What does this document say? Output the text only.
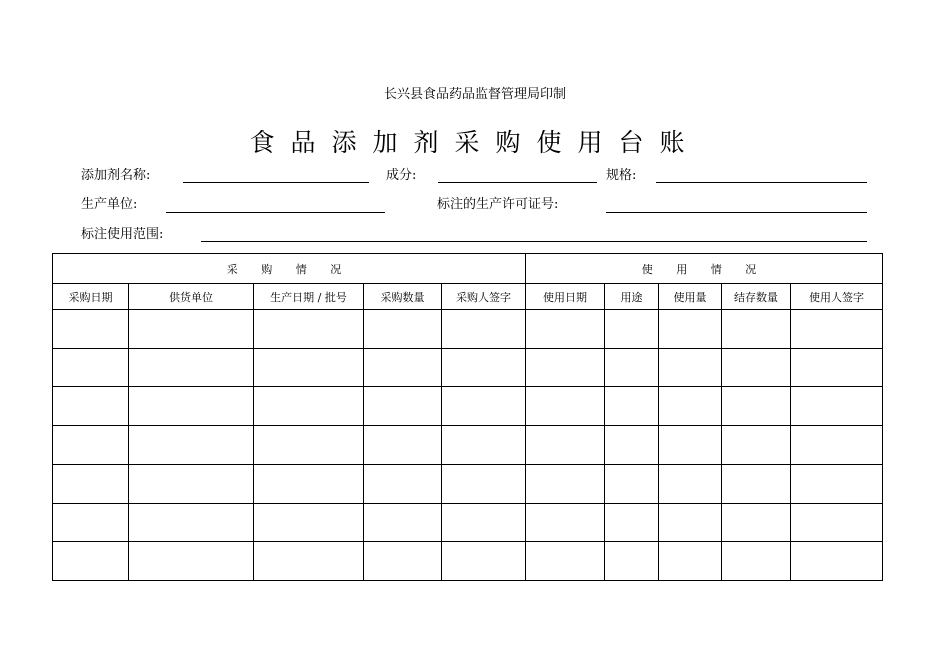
长兴县食品药品监督管理局印制
食品添加剂采购使用台账
添加剂名称:	成分:	规格:
生产单位:	标注的生产许可证号:
标注使用范围:
采 购 情 况					使 用 情 况				
采购日期	供货单位	生产日期 / 批号	采购数量	采购人签字	使用日期	用途	使用量	结存数量	使用人签字
